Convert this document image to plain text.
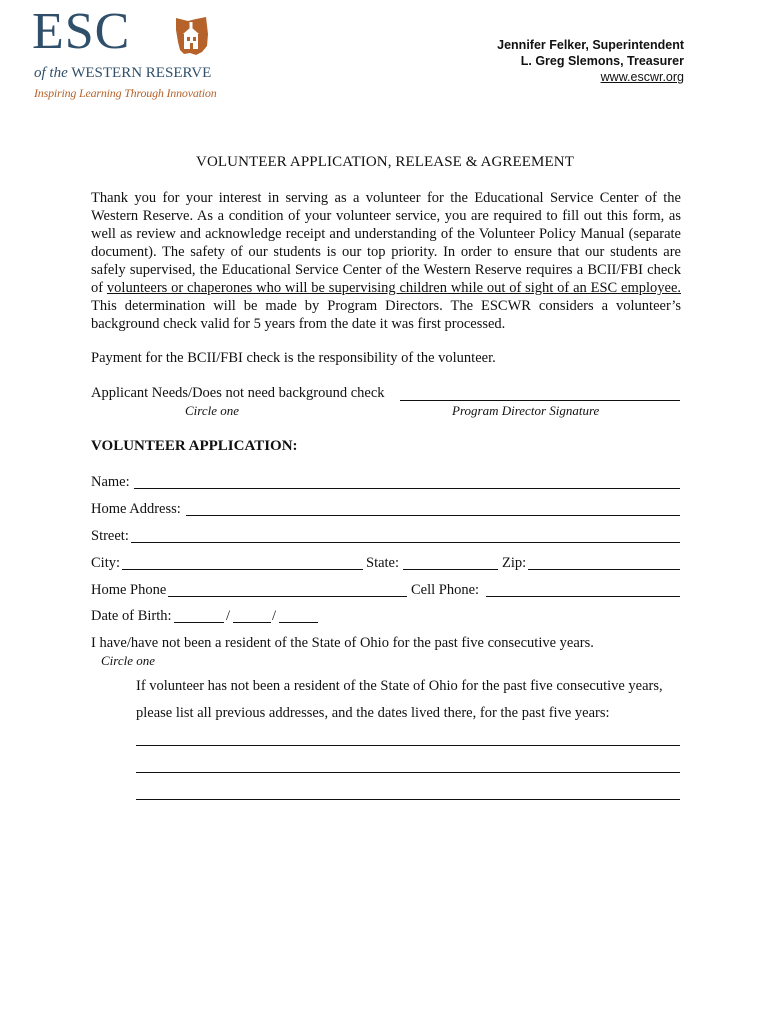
ESC
of the WESTERN RESERVE
Inspiring Learning Through Innovation
Jennifer Felker, Superintendent
L. Greg Slemons, Treasurer
www.escwr.org
VOLUNTEER APPLICATION, RELEASE & AGREEMENT
Thank you for your interest in serving as a volunteer for the Educational Service Center of the Western Reserve. As a condition of your volunteer service, you are required to fill out this form, as well as review and acknowledge receipt and understanding of the Volunteer Policy Manual (separate document). The safety of our students is our top priority. In order to ensure that our students are safely supervised, the Educational Service Center of the Western Reserve requires a BCII/FBI check of volunteers or chaperones who will be supervising children while out of sight of an ESC employee. This determination will be made by Program Directors. The ESCWR considers a volunteer’s background check valid for 5 years from the date it was first processed.
Payment for the BCII/FBI check is the responsibility of the volunteer.
Applicant Needs/Does not need background check
Circle one	Program Director Signature
VOLUNTEER APPLICATION:
Name:
Home Address:
Street:
City:	State:	Zip:
Home Phone	Cell Phone:
Date of Birth:	/	/
I have/have not been a resident of the State of Ohio for the past five consecutive years.
Circle one
If volunteer has not been a resident of the State of Ohio for the past five consecutive years,
please list all previous addresses, and the dates lived there, for the past five years:
